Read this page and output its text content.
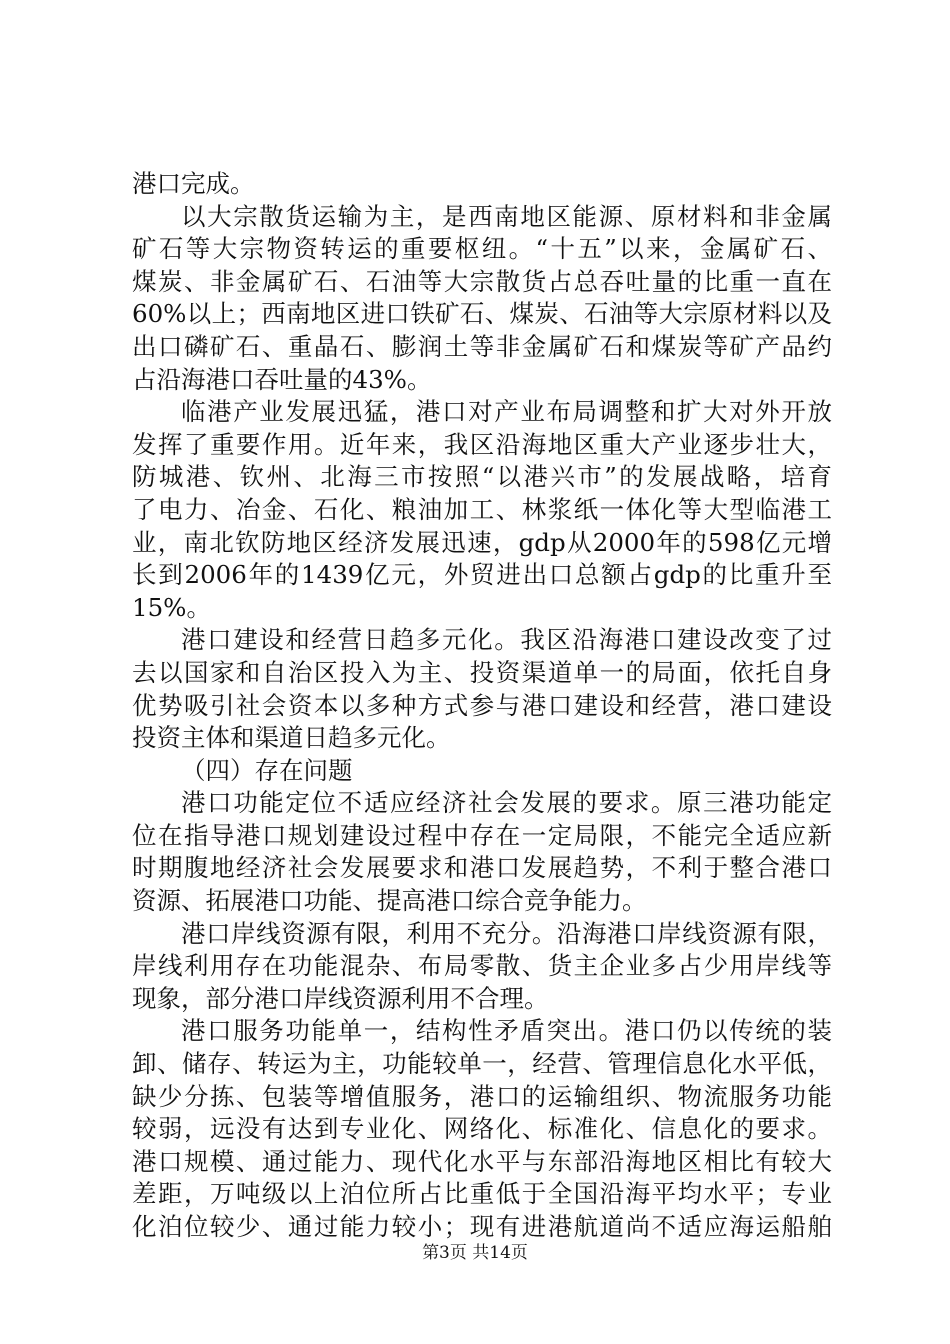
港口完成。
以大宗散货运输为主，是西南地区能源、原材料和非金属
矿石等大宗物资转运的重要枢纽。“十五”以来，金属矿石、
煤炭、非金属矿石、石油等大宗散货占总吞吐量的比重一直在
60%以上；西南地区进口铁矿石、煤炭、石油等大宗原材料以及
出口磷矿石、重晶石、膨润土等非金属矿石和煤炭等矿产品约
占沿海港口吞吐量的43%。
临港产业发展迅猛，港口对产业布局调整和扩大对外开放
发挥了重要作用。近年来，我区沿海地区重大产业逐步壮大，
防城港、钦州、北海三市按照“以港兴市”的发展战略，培育
了电力、冶金、石化、粮油加工、林浆纸一体化等大型临港工
业，南北钦防地区经济发展迅速，gdp从2000年的598亿元增
长到2006年的1439亿元，外贸进出口总额占gdp的比重升至
15%。
港口建设和经营日趋多元化。我区沿海港口建设改变了过
去以国家和自治区投入为主、投资渠道单一的局面，依托自身
优势吸引社会资本以多种方式参与港口建设和经营，港口建设
投资主体和渠道日趋多元化。
（四）存在问题
港口功能定位不适应经济社会发展的要求。原三港功能定
位在指导港口规划建设过程中存在一定局限，不能完全适应新
时期腹地经济社会发展要求和港口发展趋势，不利于整合港口
资源、拓展港口功能、提高港口综合竞争能力。
港口岸线资源有限，利用不充分。沿海港口岸线资源有限，
岸线利用存在功能混杂、布局零散、货主企业多占少用岸线等
现象，部分港口岸线资源利用不合理。
港口服务功能单一，结构性矛盾突出。港口仍以传统的装
卸、储存、转运为主，功能较单一，经营、管理信息化水平低，
缺少分拣、包装等增值服务，港口的运输组织、物流服务功能
较弱，远没有达到专业化、网络化、标准化、信息化的要求。
港口规模、通过能力、现代化水平与东部沿海地区相比有较大
差距，万吨级以上泊位所占比重低于全国沿海平均水平；专业
化泊位较少、通过能力较小；现有进港航道尚不适应海运船舶
第3页 共14页
